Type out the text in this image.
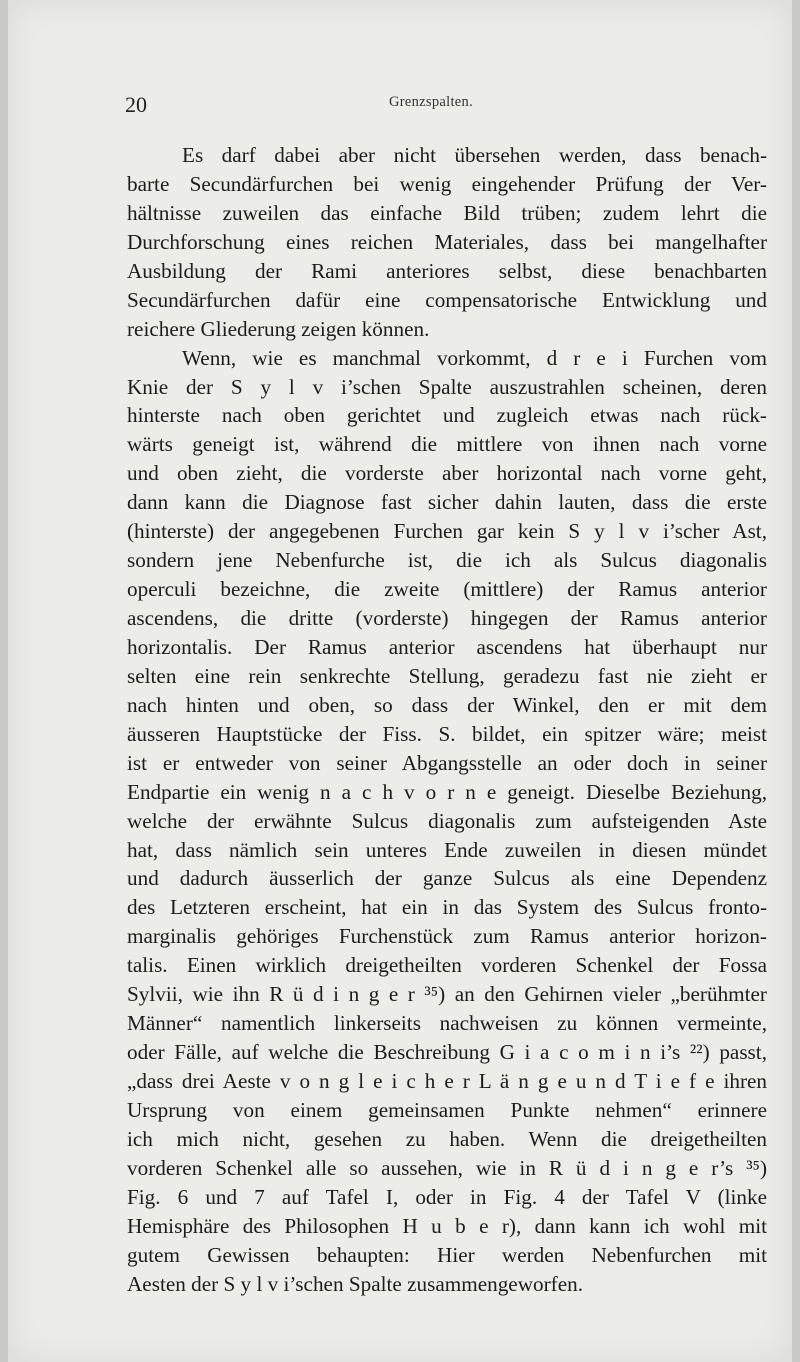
20	Grenzspalten.
Es darf dabei aber nicht übersehen werden, dass benach-
barte Secundärfurchen bei wenig eingehender Prüfung der Ver-
hältnisse zuweilen das einfache Bild trüben; zudem lehrt die
Durchforschung eines reichen Materiales, dass bei mangelhafter
Ausbildung der Rami anteriores selbst, diese benachbarten
Secundärfurchen dafür eine compensatorische Entwicklung und
reichere Gliederung zeigen können.
Wenn, wie es manchmal vorkommt, d r e i Furchen vom
Knie der S y l v i’schen Spalte auszustrahlen scheinen, deren
hinterste nach oben gerichtet und zugleich etwas nach rück-
wärts geneigt ist, während die mittlere von ihnen nach vorne
und oben zieht, die vorderste aber horizontal nach vorne geht,
dann kann die Diagnose fast sicher dahin lauten, dass die erste
(hinterste) der angegebenen Furchen gar kein S y l v i’scher Ast,
sondern jene Nebenfurche ist, die ich als Sulcus diagonalis
operculi bezeichne, die zweite (mittlere) der Ramus anterior
ascendens, die dritte (vorderste) hingegen der Ramus anterior
horizontalis. Der Ramus anterior ascendens hat überhaupt nur
selten eine rein senkrechte Stellung, geradezu fast nie zieht er
nach hinten und oben, so dass der Winkel, den er mit dem
äusseren Hauptstücke der Fiss. S. bildet, ein spitzer wäre; meist
ist er entweder von seiner Abgangsstelle an oder doch in seiner
Endpartie ein wenig n a c h v o r n e geneigt. Dieselbe Beziehung,
welche der erwähnte Sulcus diagonalis zum aufsteigenden Aste
hat, dass nämlich sein unteres Ende zuweilen in diesen mündet
und dadurch äusserlich der ganze Sulcus als eine Dependenz
des Letzteren erscheint, hat ein in das System des Sulcus fronto-
marginalis gehöriges Furchenstück zum Ramus anterior horizon-
talis. Einen wirklich dreigetheilten vorderen Schenkel der Fossa
Sylvii, wie ihn R ü d i n g e r ³⁵) an den Gehirnen vieler „berühmter
Männer“ namentlich linkerseits nachweisen zu können vermeinte,
oder Fälle, auf welche die Beschreibung G i a c o m i n i’s ²²) passt,
„dass drei Aeste v o n g l e i c h e r L ä n g e u n d T i e f e ihren
Ursprung von einem gemeinsamen Punkte nehmen“ erinnere
ich mich nicht, gesehen zu haben. Wenn die dreigetheilten
vorderen Schenkel alle so aussehen, wie in R ü d i n g e r’s ³⁵)
Fig. 6 und 7 auf Tafel I, oder in Fig. 4 der Tafel V (linke
Hemisphäre des Philosophen H u b e r), dann kann ich wohl mit
gutem Gewissen behaupten: Hier werden Nebenfurchen mit
Aesten der S y l v i’schen Spalte zusammengeworfen.
